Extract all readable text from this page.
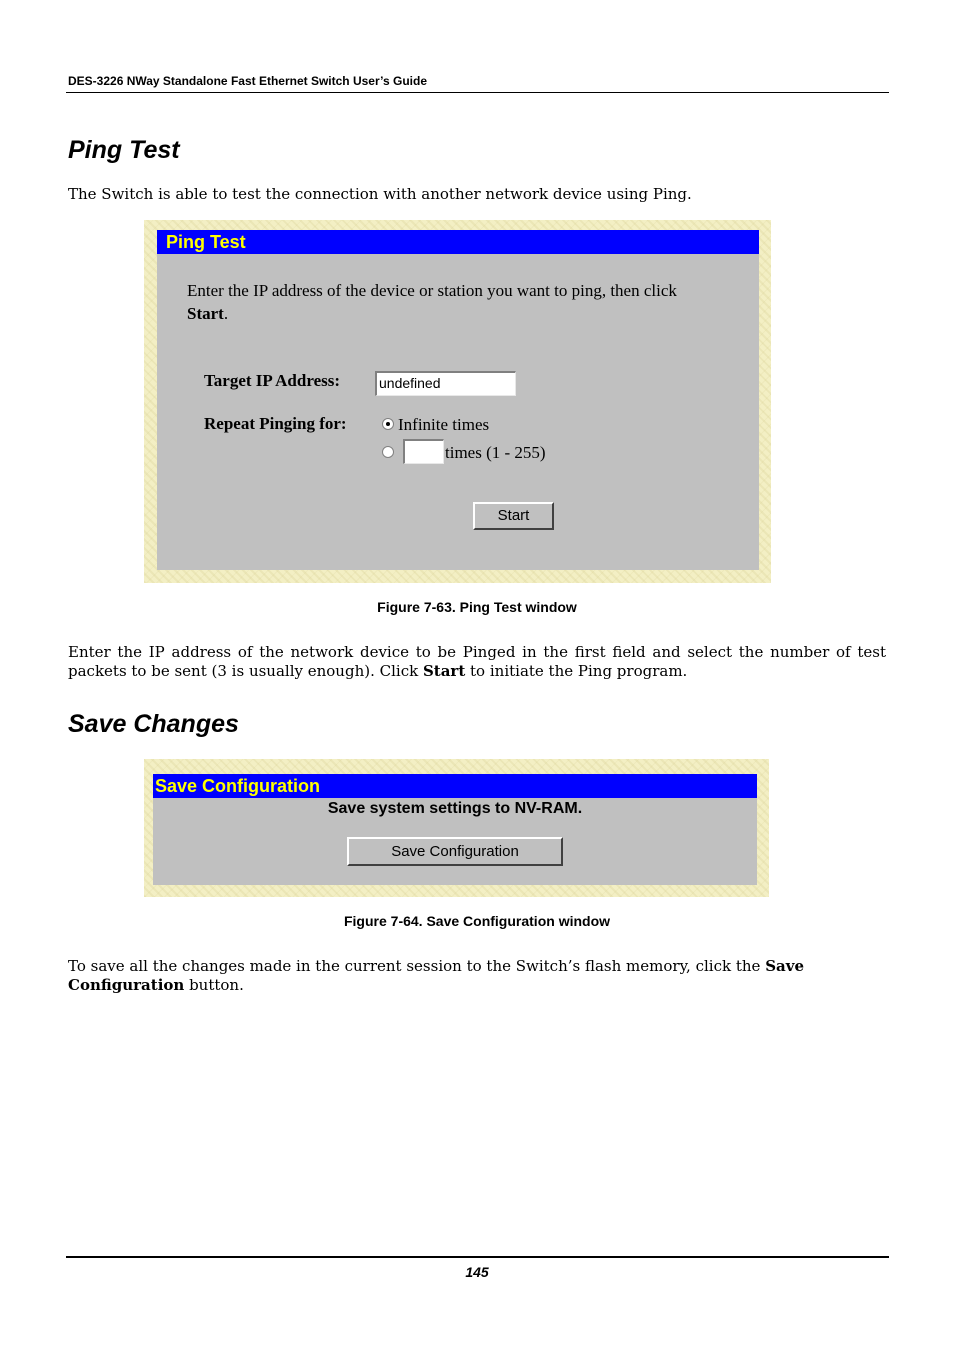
DES-3226 NWay Standalone Fast Ethernet Switch User’s Guide
Ping Test
The Switch is able to test the connection with another network device using Ping.
Ping Test
Enter the IP address of the device or station you want to ping, then click
Start.
Target IP Address:	undefined
Repeat Pinging for:	Infinite times
times (1 - 255)
Start
Figure 7-63. Ping Test window
Enter the IP address of the network device to be Pinged in the first field and select the number of test packets to be sent (3 is usually enough). Click Start to initiate the Ping program.
Save Changes
Save Configuration
Save system settings to NV-RAM.
Save Configuration
Figure 7-64. Save Configuration window
To save all the changes made in the current session to the Switch’s flash memory, click the Save Configuration button.
145
